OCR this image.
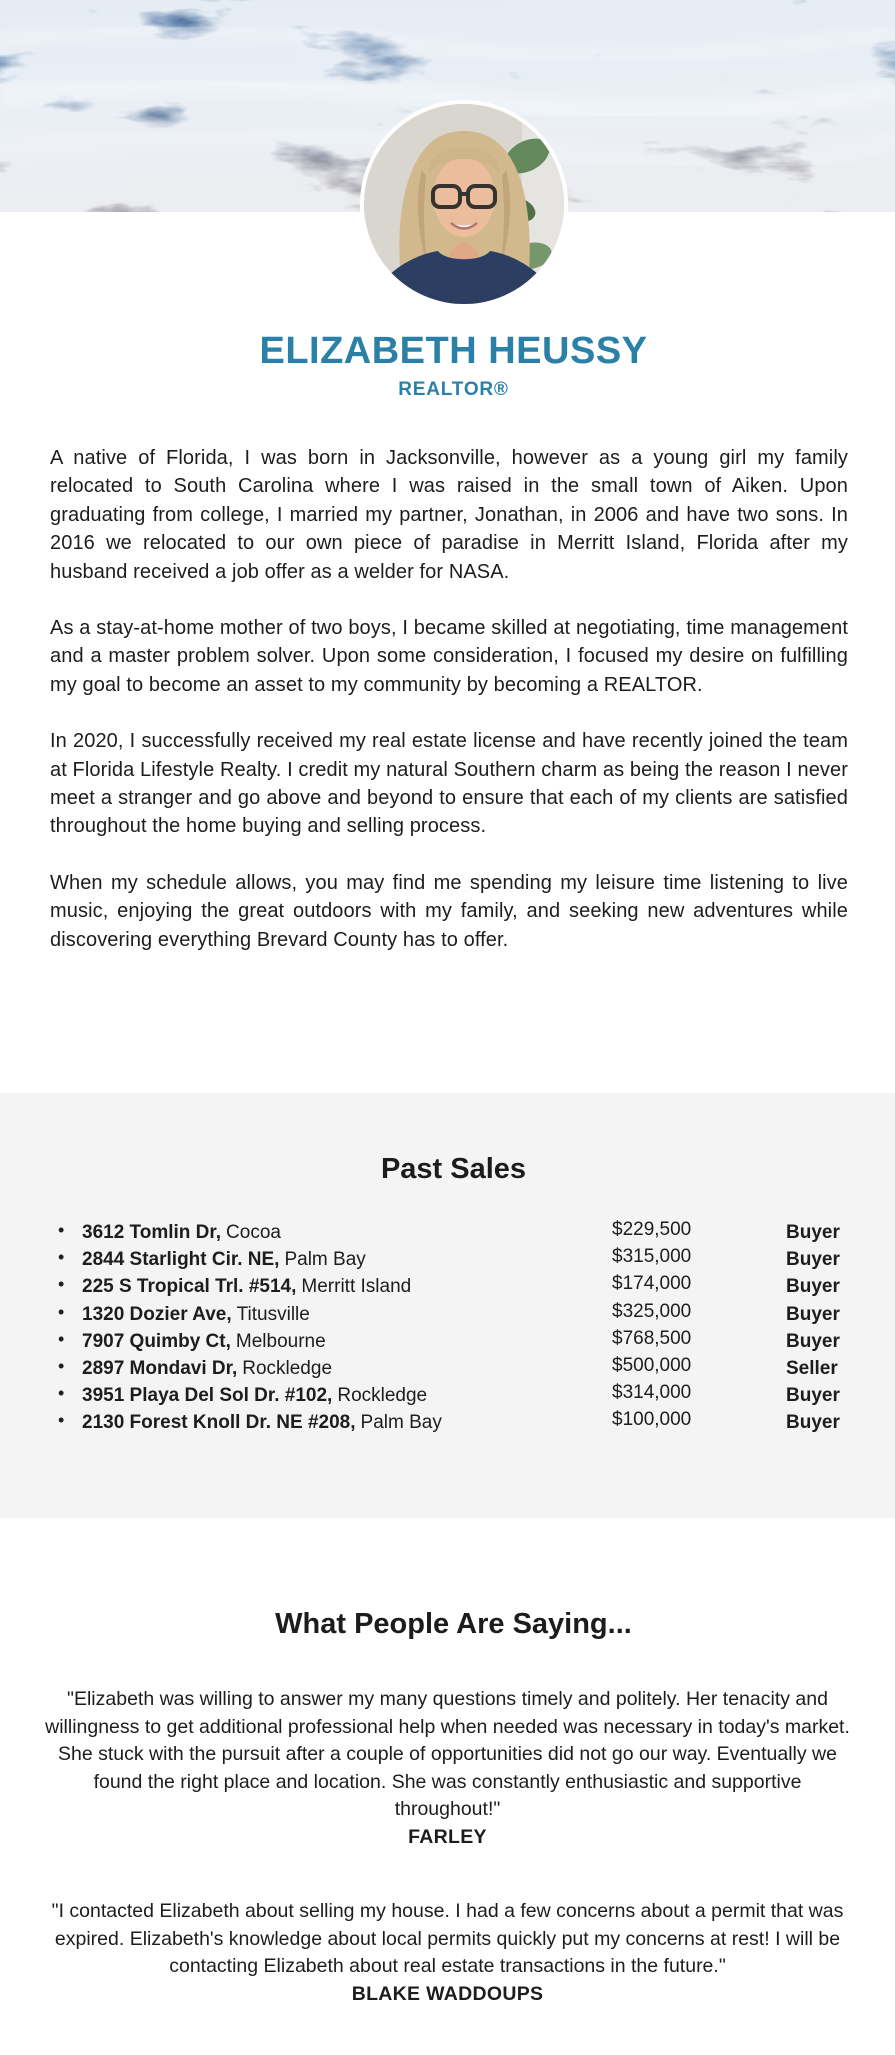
ELIZABETH HEUSSY
REALTOR®

A native of Florida, I was born in Jacksonville, however as a young girl my family relocated to South Carolina where I was raised in the small town of Aiken. Upon graduating from college, I married my partner, Jonathan, in 2006 and have two sons. In 2016 we relocated to our own piece of paradise in Merritt Island, Florida after my husband received a job offer as a welder for NASA.

As a stay-at-home mother of two boys, I became skilled at negotiating, time management and a master problem solver. Upon some consideration, I focused my desire on fulfilling my goal to become an asset to my community by becoming a REALTOR.

In 2020, I successfully received my real estate license and have recently joined the team at Florida Lifestyle Realty. I credit my natural Southern charm as being the reason I never meet a stranger and go above and beyond to ensure that each of my clients are satisfied throughout the home buying and selling process.

When my schedule allows, you may find me spending my leisure time listening to live music, enjoying the great outdoors with my family, and seeking new adventures while discovering everything Brevard County has to offer.

Past Sales
• 3612 Tomlin Dr, Cocoa	$229,500	Buyer
• 2844 Starlight Cir. NE, Palm Bay	$315,000	Buyer
• 225 S Tropical Trl. #514, Merritt Island	$174,000	Buyer
• 1320 Dozier Ave, Titusville	$325,000	Buyer
• 7907 Quimby Ct, Melbourne	$768,500	Buyer
• 2897 Mondavi Dr, Rockledge	$500,000	Seller
• 3951 Playa Del Sol Dr. #102, Rockledge	$314,000	Buyer
• 2130 Forest Knoll Dr. NE #208, Palm Bay	$100,000	Buyer
What People Are Saying...

"Elizabeth was willing to answer my many questions timely and politely. Her tenacity and willingness to get additional professional help when needed was necessary in today's market. She stuck with the pursuit after a couple of opportunities did not go our way. Eventually we found the right place and location. She was constantly enthusiastic and supportive throughout!"

FARLEY

"I contacted Elizabeth about selling my house. I had a few concerns about a permit that was expired. Elizabeth's knowledge about local permits quickly put my concerns at rest! I will be contacting Elizabeth about real estate transactions in the future."

BLAKE WADDOUPS
